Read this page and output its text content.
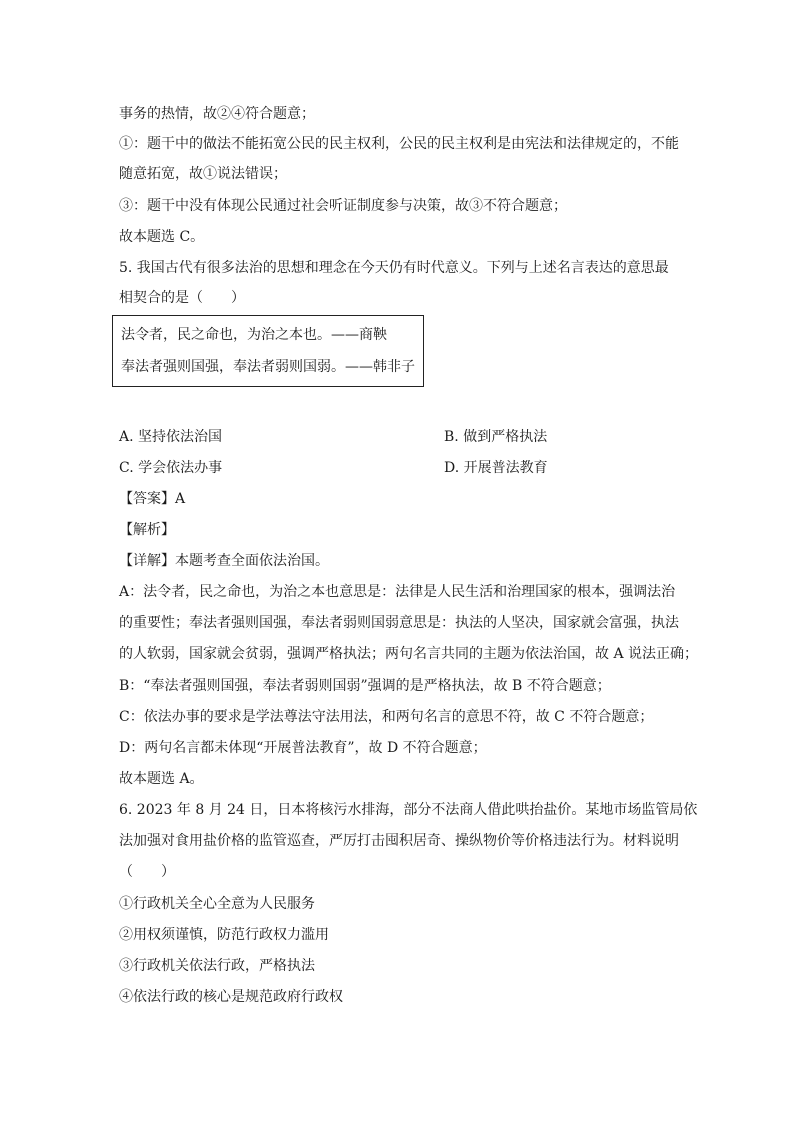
事务的热情，故②④符合题意；
①：题干中的做法不能拓宽公民的民主权利，公民的民主权利是由宪法和法律规定的，不能
随意拓宽，故①说法错误；
③：题干中没有体现公民通过社会听证制度参与决策，故③不符合题意；
故本题选 C。
5. 我国古代有很多法治的思想和理念在今天仍有时代意义。下列与上述名言表达的意思最
相契合的是（　　）
法令者，民之命也，为治之本也。——商鞅
奉法者强则国强，奉法者弱则国弱。——韩非子
A. 坚持依法治国	B. 做到严格执法
C. 学会依法办事	D. 开展普法教育
【答案】A
【解析】
【详解】本题考查全面依法治国。
A：法令者，民之命也，为治之本也意思是：法律是人民生活和治理国家的根本，强调法治
的重要性；奉法者强则国强，奉法者弱则国弱意思是：执法的人坚决，国家就会富强，执法
的人软弱，国家就会贫弱，强调严格执法；两句名言共同的主题为依法治国，故 A 说法正确；
B：“奉法者强则国强，奉法者弱则国弱”强调的是严格执法，故 B 不符合题意；
C：依法办事的要求是学法尊法守法用法，和两句名言的意思不符，故 C 不符合题意；
D：两句名言都未体现“开展普法教育”，故 D 不符合题意；
故本题选 A。
6. 2023 年 8 月 24 日，日本将核污水排海，部分不法商人借此哄抬盐价。某地市场监管局依
法加强对食用盐价格的监管巡查，严厉打击囤积居奇、操纵物价等价格违法行为。材料说明
（　　）
①行政机关全心全意为人民服务
②用权须谨慎，防范行政权力滥用
③行政机关依法行政，严格执法
④依法行政的核心是规范政府行政权
